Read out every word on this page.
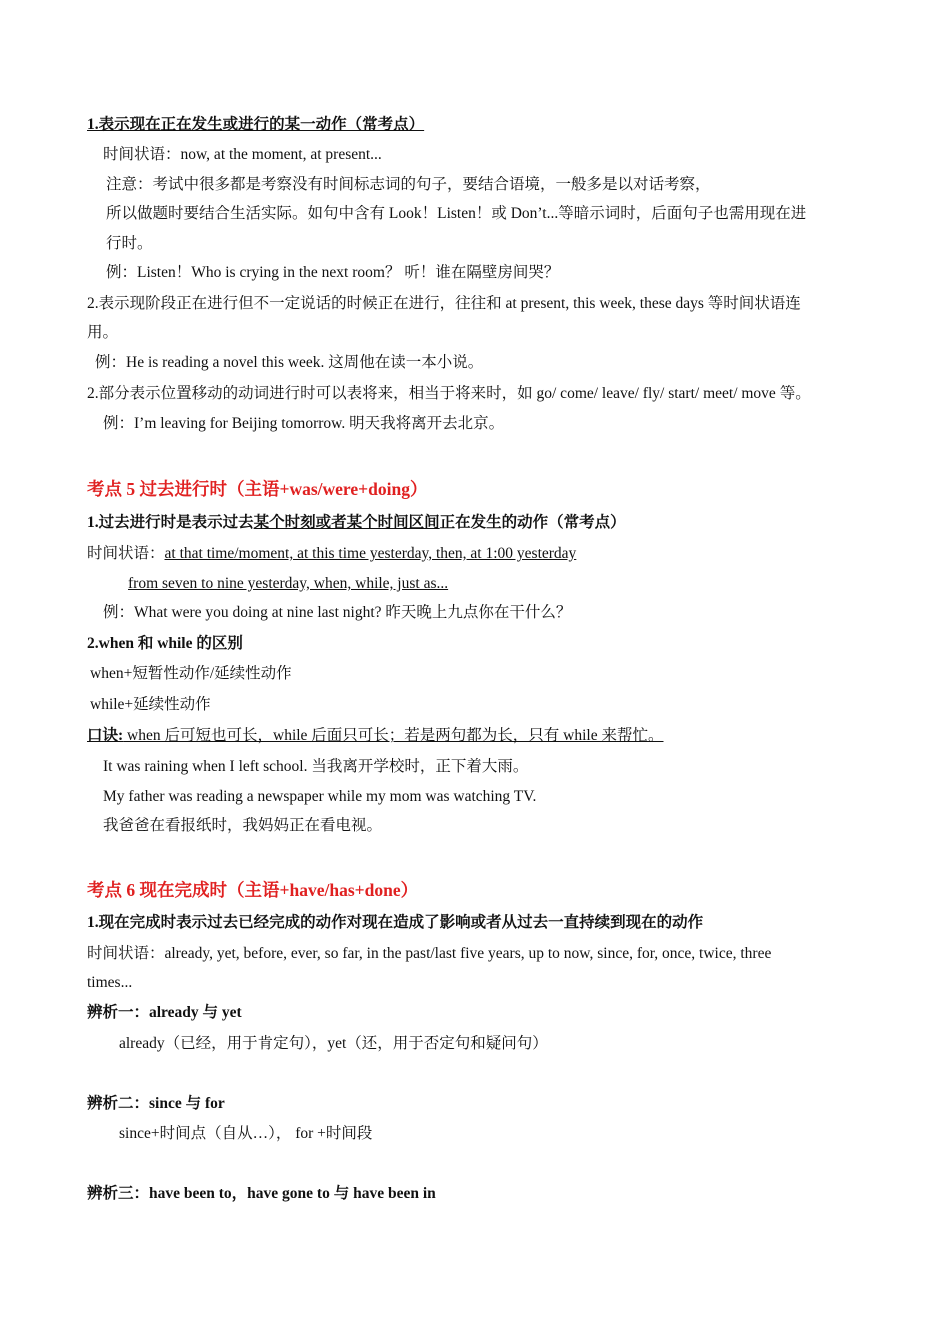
1.表示现在正在发生或进行的某一动作（常考点）
时间状语：now, at the moment, at present...
注意：考试中很多都是考察没有时间标志词的句子，要结合语境，一般多是以对话考察，
所以做题时要结合生活实际。如句中含有 Look！Listen！或 Don’t...等暗示词时，后面句子也需用现在进
行时。
例：Listen！Who is crying in the next room？ 听！谁在隔壁房间哭？
2.表示现阶段正在进行但不一定说话的时候正在进行，往往和 at present, this week, these days 等时间状语连
用。
例：He is reading a novel this week. 这周他在读一本小说。
2.部分表示位置移动的动词进行时可以表将来，相当于将来时，如 go/ come/ leave/ fly/ start/ meet/ move 等。
例：I’m leaving for Beijing tomorrow. 明天我将离开去北京。
考点 5 过去进行时（主语+was/were+doing）
1.过去进行时是表示过去某个时刻或者某个时间区间正在发生的动作（常考点）
时间状语：at that time/moment, at this time yesterday, then, at 1:00 yesterday
from seven to nine yesterday, when, while, just as...
例：What were you doing at nine last night? 昨天晚上九点你在干什么？
2.when 和 while 的区别
when+短暂性动作/延续性动作
while+延续性动作
口诀: when 后可短也可长，while 后面只可长；若是两句都为长，只有 while 来帮忙。
It was raining when I left school. 当我离开学校时，正下着大雨。
My father was reading a newspaper while my mom was watching TV.
我爸爸在看报纸时，我妈妈正在看电视。
考点 6 现在完成时（主语+have/has+done）
1.现在完成时表示过去已经完成的动作对现在造成了影响或者从过去一直持续到现在的动作
时间状语：already, yet, before, ever, so far, in the past/last five years, up to now, since, for, once, twice, three
times...
辨析一：already 与 yet
already（已经，用于肯定句），yet（还，用于否定句和疑问句）
辨析二：since 与 for
since+时间点（自从…）， for +时间段
辨析三：have been to，have gone to 与 have been in
